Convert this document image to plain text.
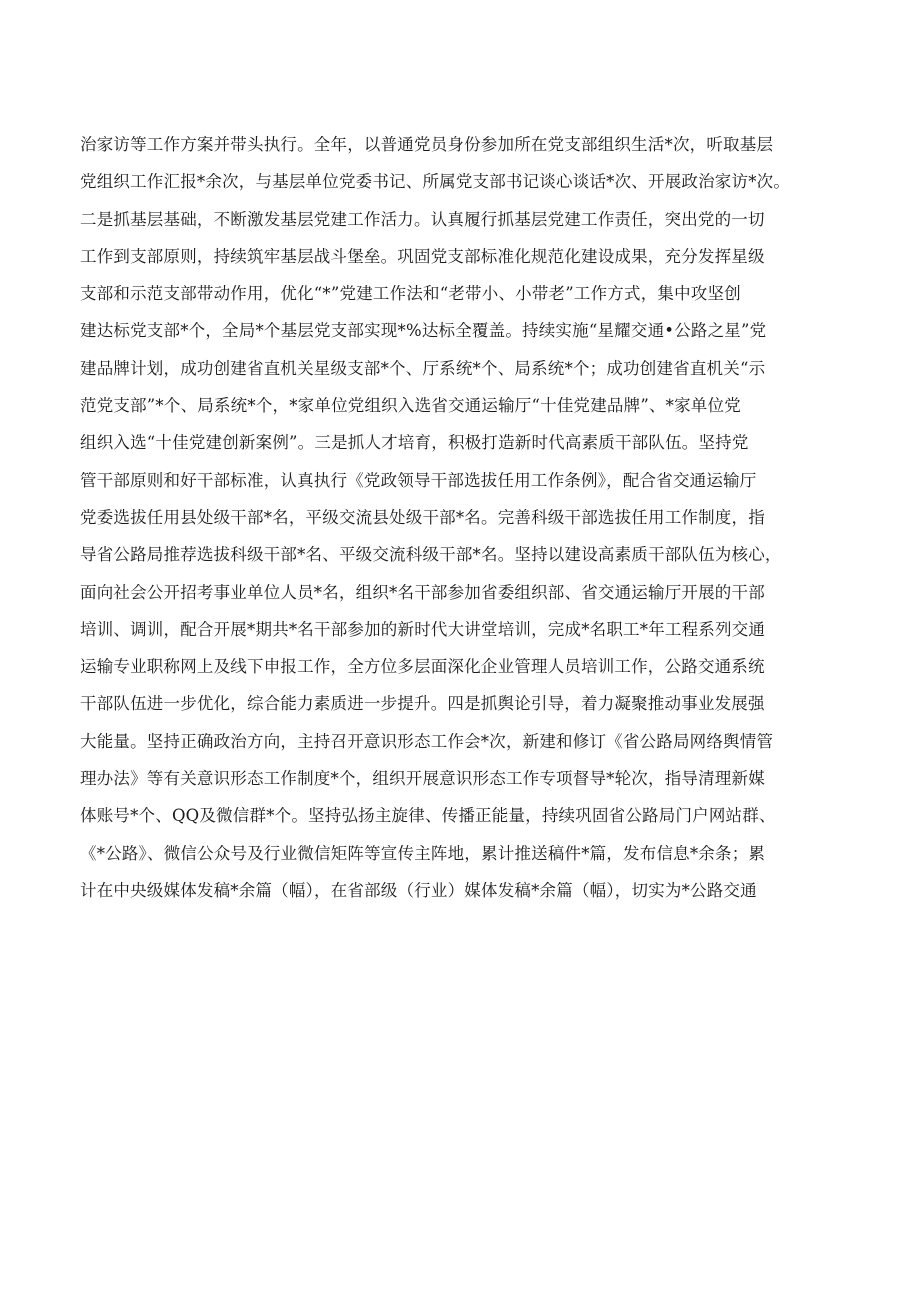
治家访等工作方案并带头执行。全年，以普通党员身份参加所在党支部组织生活*次，听取基层
党组织工作汇报*余次，与基层单位党委书记、所属党支部书记谈心谈话*次、开展政治家访*次。
二是抓基层基础，不断激发基层党建工作活力。认真履行抓基层党建工作责任，突出党的一切
工作到支部原则，持续筑牢基层战斗堡垒。巩固党支部标准化规范化建设成果，充分发挥星级
支部和示范支部带动作用，优化“*”党建工作法和“老带小、小带老”工作方式，集中攻坚创
建达标党支部*个，全局*个基层党支部实现*%达标全覆盖。持续实施“星耀交通•公路之星”党
建品牌计划，成功创建省直机关星级支部*个、厅系统*个、局系统*个；成功创建省直机关“示
范党支部”*个、局系统*个，*家单位党组织入选省交通运输厅“十佳党建品牌”、*家单位党
组织入选“十佳党建创新案例”。三是抓人才培育，积极打造新时代高素质干部队伍。坚持党
管干部原则和好干部标准，认真执行《党政领导干部选拔任用工作条例》，配合省交通运输厅
党委选拔任用县处级干部*名，平级交流县处级干部*名。完善科级干部选拔任用工作制度，指
导省公路局推荐选拔科级干部*名、平级交流科级干部*名。坚持以建设高素质干部队伍为核心，
面向社会公开招考事业单位人员*名，组织*名干部参加省委组织部、省交通运输厅开展的干部
培训、调训，配合开展*期共*名干部参加的新时代大讲堂培训，完成*名职工*年工程系列交通
运输专业职称网上及线下申报工作，全方位多层面深化企业管理人员培训工作，公路交通系统
干部队伍进一步优化，综合能力素质进一步提升。四是抓舆论引导，着力凝聚推动事业发展强
大能量。坚持正确政治方向，主持召开意识形态工作会*次，新建和修订《省公路局网络舆情管
理办法》等有关意识形态工作制度*个，组织开展意识形态工作专项督导*轮次，指导清理新媒
体账号*个、QQ及微信群*个。坚持弘扬主旋律、传播正能量，持续巩固省公路局门户网站群、
《*公路》、微信公众号及行业微信矩阵等宣传主阵地，累计推送稿件*篇，发布信息*余条；累
计在中央级媒体发稿*余篇（幅），在省部级（行业）媒体发稿*余篇（幅），切实为*公路交通
